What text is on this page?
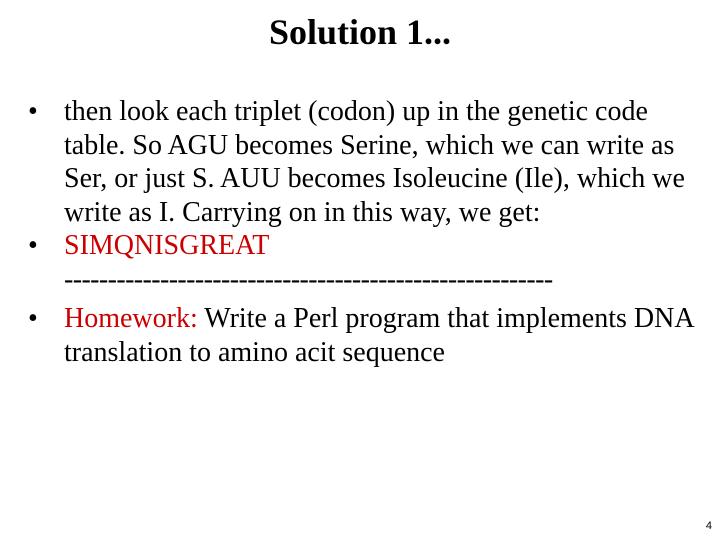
Solution 1...

• then look each triplet (codon) up in the genetic code table. So AGU becomes Serine, which we can write as Ser, or just S. AUU becomes Isoleucine (Ile), which we write as I. Carrying on in this way, we get:

• SIMQNISGREAT

--------------------------------------------------------

• Homework: Write a Perl program that implements DNA translation to amino acit sequence

4
